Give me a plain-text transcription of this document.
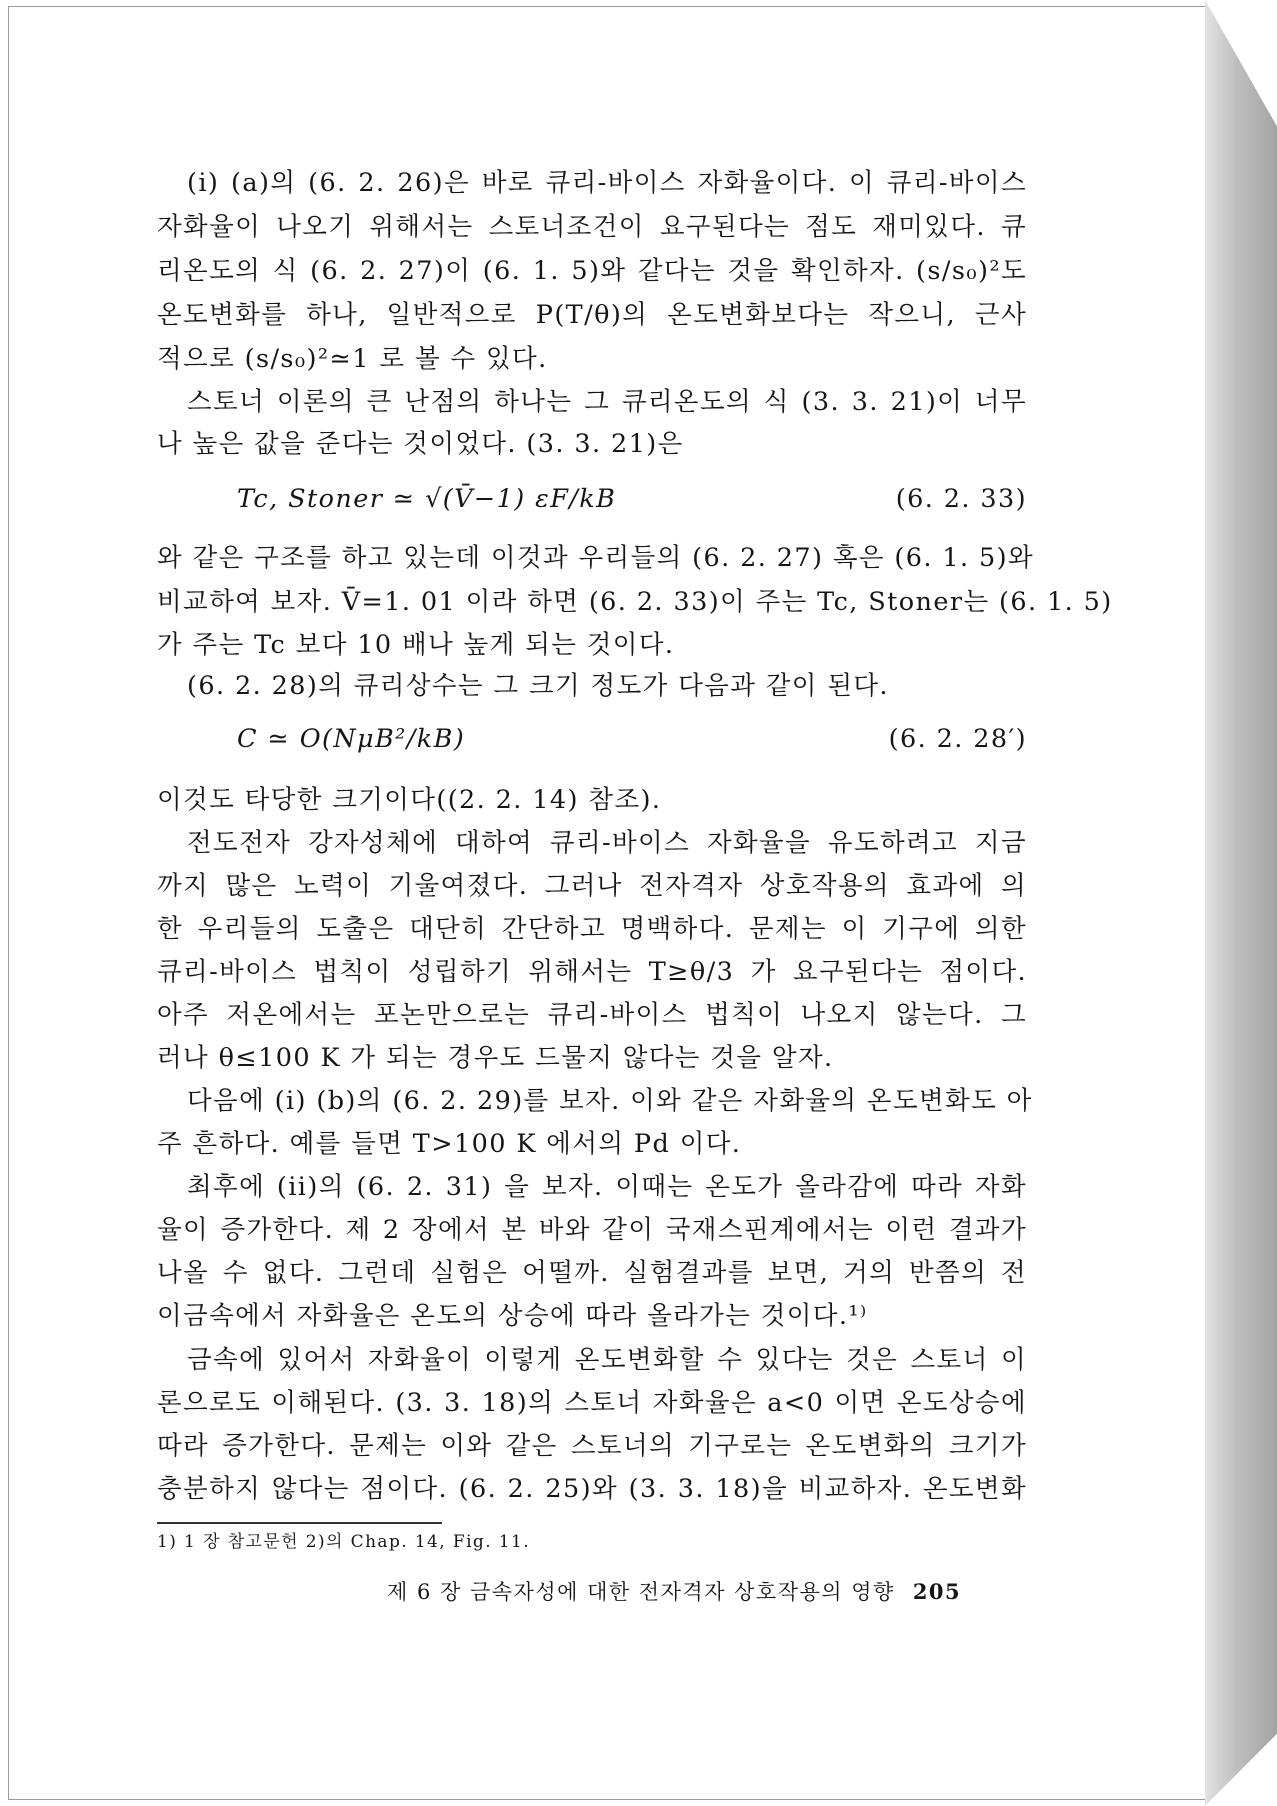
(i) (a)의 (6. 2. 26)은 바로 큐리-바이스 자화율이다. 이 큐리-바이스
자화율이 나오기 위해서는 스토너조건이 요구된다는 점도 재미있다. 큐
리온도의 식 (6. 2. 27)이 (6. 1. 5)와 같다는 것을 확인하자. (s/s₀)²도
온도변화를 하나, 일반적으로 P(T/θ)의 온도변화보다는 작으니, 근사
적으로 (s/s₀)²≃1 로 볼 수 있다.
스토너 이론의 큰 난점의 하나는 그 큐리온도의 식 (3. 3. 21)이 너무
나 높은 값을 준다는 것이었다. (3. 3. 21)은
Tc, Stoner ≃ √(V̄−1) εF/kB	(6. 2. 33)
와 같은 구조를 하고 있는데 이것과 우리들의 (6. 2. 27) 혹은 (6. 1. 5)와
비교하여 보자. V̄=1. 01 이라 하면 (6. 2. 33)이 주는 Tc, Stoner는 (6. 1. 5)
가 주는 Tc 보다 10 배나 높게 되는 것이다.
(6. 2. 28)의 큐리상수는 그 크기 정도가 다음과 같이 된다.
C ≃ O(NμB²/kB)	(6. 2. 28′)
이것도 타당한 크기이다((2. 2. 14) 참조).
전도전자 강자성체에 대하여 큐리-바이스 자화율을 유도하려고 지금
까지 많은 노력이 기울여졌다. 그러나 전자격자 상호작용의 효과에 의
한 우리들의 도출은 대단히 간단하고 명백하다. 문제는 이 기구에 의한
큐리-바이스 법칙이 성립하기 위해서는 T≥θ/3 가 요구된다는 점이다.
아주 저온에서는 포논만으로는 큐리-바이스 법칙이 나오지 않는다. 그
러나 θ≤100 K 가 되는 경우도 드물지 않다는 것을 알자.
다음에 (i) (b)의 (6. 2. 29)를 보자. 이와 같은 자화율의 온도변화도 아
주 흔하다. 예를 들면 T>100 K 에서의 Pd 이다.
최후에 (ii)의 (6. 2. 31) 을 보자. 이때는 온도가 올라감에 따라 자화
율이 증가한다. 제 2 장에서 본 바와 같이 국재스핀계에서는 이런 결과가
나올 수 없다. 그런데 실험은 어떨까. 실험결과를 보면, 거의 반쯤의 전
이금속에서 자화율은 온도의 상승에 따라 올라가는 것이다.¹⁾
금속에 있어서 자화율이 이렇게 온도변화할 수 있다는 것은 스토너 이
론으로도 이해된다. (3. 3. 18)의 스토너 자화율은 a<0 이면 온도상승에
따라 증가한다. 문제는 이와 같은 스토너의 기구로는 온도변화의 크기가
충분하지 않다는 점이다. (6. 2. 25)와 (3. 3. 18)을 비교하자. 온도변화
1) 1 장 참고문헌 2)의 Chap. 14, Fig. 11.
제 6 장 금속자성에 대한 전자격자 상호작용의 영향 205
